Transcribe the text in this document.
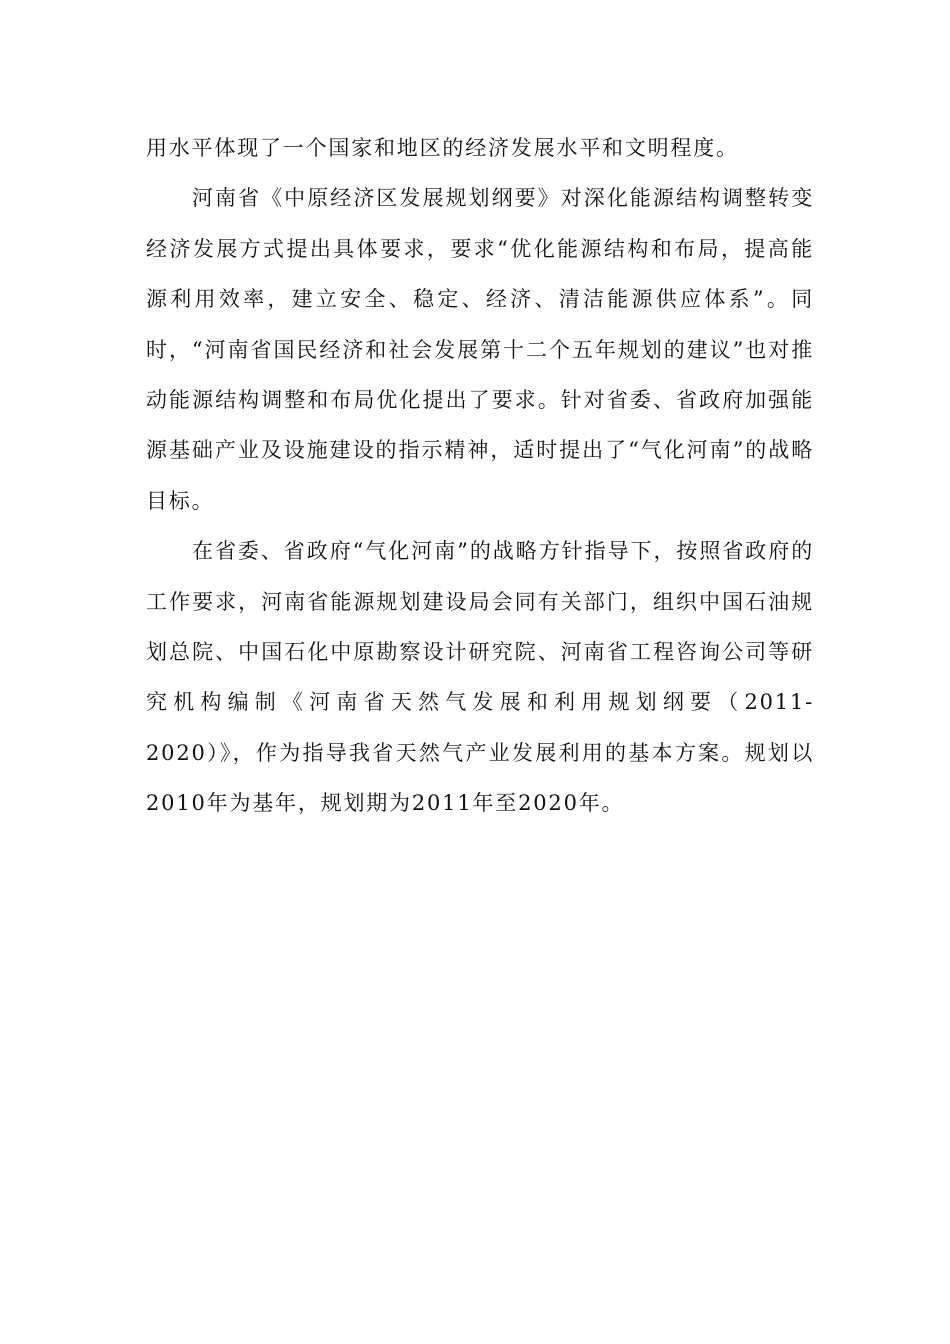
用水平体现了一个国家和地区的经济发展水平和文明程度。

河南省《中原经济区发展规划纲要》对深化能源结构调整转变经济发展方式提出具体要求，要求“优化能源结构和布局，提高能源利用效率，建立安全、稳定、经济、清洁能源供应体系”。同时，“河南省国民经济和社会发展第十二个五年规划的建议”也对推动能源结构调整和布局优化提出了要求。针对省委、省政府加强能源基础产业及设施建设的指示精神，适时提出了“气化河南”的战略目标。

在省委、省政府“气化河南”的战略方针指导下，按照省政府的工作要求，河南省能源规划建设局会同有关部门，组织中国石油规划总院、中国石化中原勘察设计研究院、河南省工程咨询公司等研究机构编制《河南省天然气发展和利用规划纲要（2011-2020）》，作为指导我省天然气产业发展利用的基本方案。规划以2010年为基年，规划期为2011年至2020年。
